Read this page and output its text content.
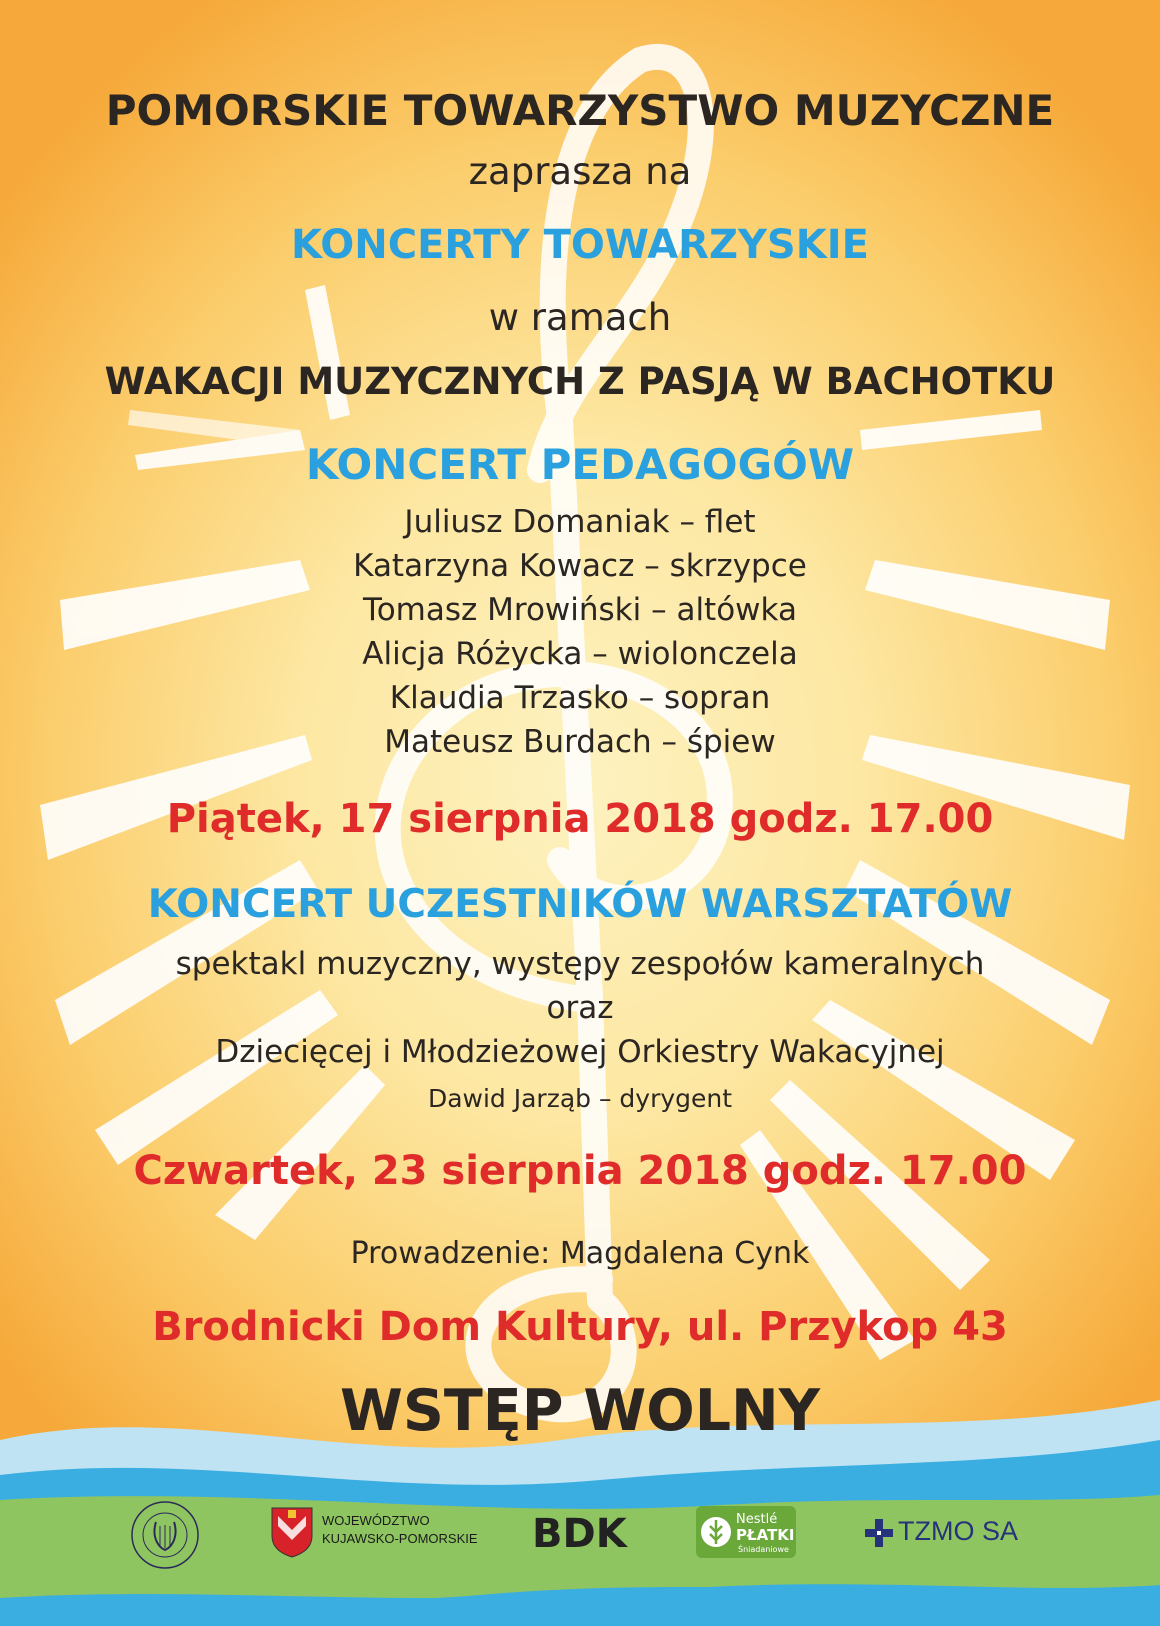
POMORSKIE TOWARZYSTWO MUZYCZNE
zaprasza na
KONCERTY TOWARZYSKIE
w ramach
WAKACJI MUZYCZNYCH Z PASJĄ W BACHOTKU
KONCERT PEDAGOGÓW
Juliusz Domaniak – flet
Katarzyna Kowacz – skrzypce
Tomasz Mrowiński – altówka
Alicja Różycka – wiolonczela
Klaudia Trzasko – sopran
Mateusz Burdach – śpiew
Piątek, 17 sierpnia 2018 godz. 17.00
KONCERT UCZESTNIKÓW WARSZTATÓW
spektakl muzyczny, występy zespołów kameralnych
oraz
Dziecięcej i Młodzieżowej Orkiestry Wakacyjnej
Dawid Jarząb – dyrygent
Czwartek, 23 sierpnia 2018 godz. 17.00
Prowadzenie: Magdalena Cynk
Brodnicki Dom Kultury, ul. Przykop 43
WSTĘP WOLNY
WOJEWÓDZTWO
KUJAWSKO-POMORSKIE BDK	Nestlé
PŁATKI
Śniadaniowe
TZMO SA
